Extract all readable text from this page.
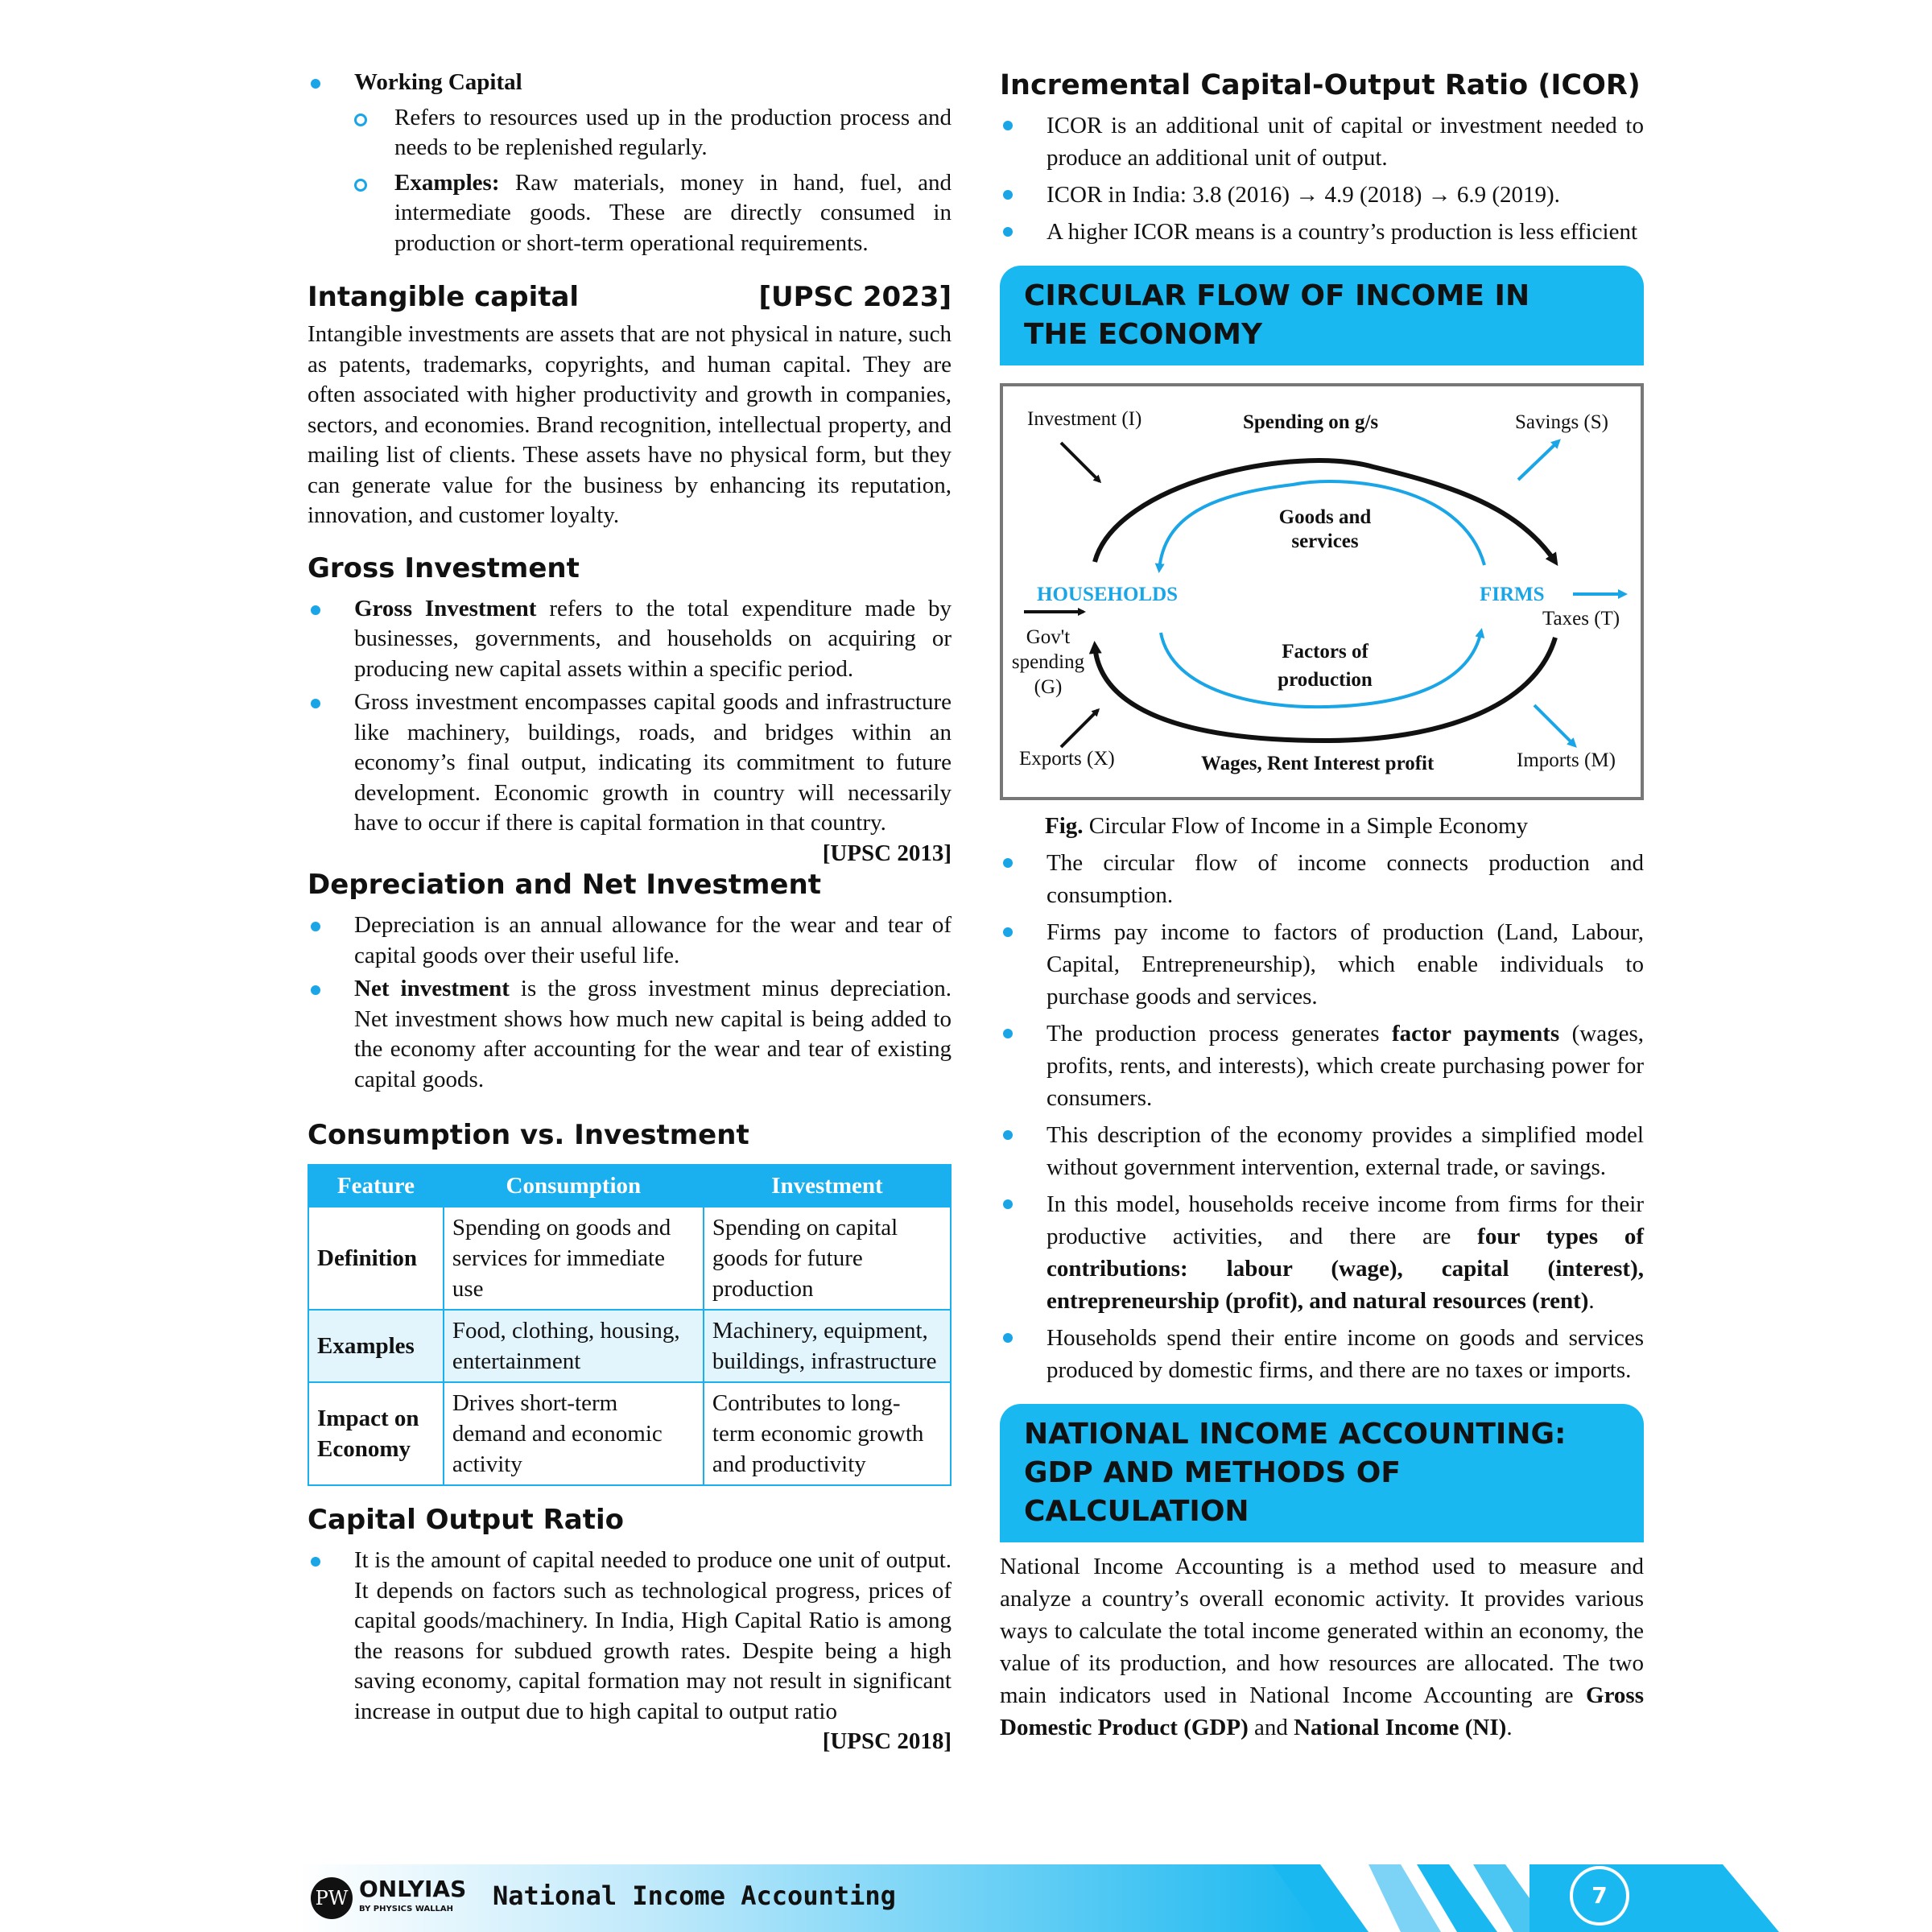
Working Capital

Refers to resources used up in the production process and needs to be replenished regularly.

Examples: Raw materials, money in hand, fuel, and intermediate goods. These are directly consumed in production or short-term operational requirements.

Intangible capital	[UPSC 2023]

Intangible investments are assets that are not physical in nature, such as patents, trademarks, copyrights, and human capital. They are often associated with higher productivity and growth in companies, sectors, and economies. Brand recognition, intellectual property, and mailing list of clients. These assets have no physical form, but they can generate value for the business by enhancing its reputation, innovation, and customer loyalty.

Gross Investment

Gross Investment refers to the total expenditure made by businesses, governments, and households on acquiring or producing new capital assets within a specific period.

Gross investment encompasses capital goods and infrastructure like machinery, buildings, roads, and bridges within an economy’s final output, indicating its commitment to future development. Economic growth in country will necessarily have to occur if there is capital formation in that country.
[UPSC 2013]

Depreciation and Net Investment

Depreciation is an annual allowance for the wear and tear of capital goods over their useful life.

Net investment is the gross investment minus depreciation. Net investment shows how much new capital is being added to the economy after accounting for the wear and tear of existing capital goods.

Consumption vs. Investment
Feature	Consumption	Investment
Definition	Spending on goods and services for immediate use	Spending on capital goods for future production
Examples	Food, clothing, housing, entertainment	Machinery, equipment, buildings, infrastructure
Impact on Economy	Drives short-term demand and economic activity	Contributes to long-term economic growth and productivity
Capital Output Ratio

It is the amount of capital needed to produce one unit of output. It depends on factors such as technological progress, prices of capital goods/machinery. In India, High Capital Ratio is among the reasons for subdued growth rates. Despite being a high saving economy, capital formation may not result in significant increase in output due to high capital to output ratio
[UPSC 2018]

Incremental Capital-Output Ratio (ICOR)

ICOR is an additional unit of capital or investment needed to produce an additional unit of output.

ICOR in India: 3.8 (2016) → 4.9 (2018) → 6.9 (2019).

A higher ICOR means is a country’s production is less efficient

CIRCULAR FLOW OF INCOME IN
THE ECONOMY
Investment (I)	Spending on g/s	Savings (S)
Goods and
services
HOUSEHOLDS	FIRMS
Taxes (T)
Gov't
spending
(G)
Factors of
production
Exports (X)	Wages, Rent Interest profit	Imports (M)

Fig. Circular Flow of Income in a Simple Economy

The circular flow of income connects production and consumption.

Firms pay income to factors of production (Land, Labour, Capital, Entrepreneurship), which enable individuals to purchase goods and services.

The production process generates factor payments (wages, profits, rents, and interests), which create purchasing power for consumers.

This description of the economy provides a simplified model without government intervention, external trade, or savings.

In this model, households receive income from firms for their productive activities, and there are four types of contributions: labour (wage), capital (interest), entrepreneurship (profit), and natural resources (rent).

Households spend their entire income on goods and services produced by domestic firms, and there are no taxes or imports.

NATIONAL INCOME ACCOUNTING:
GDP AND METHODS OF CALCULATION

National Income Accounting is a method used to measure and analyze a country’s overall economic activity. It provides various ways to calculate the total income generated within an economy, the value of its production, and how resources are allocated. The two main indicators used in National Income Accounting are Gross Domestic Product (GDP) and National Income (NI).

PW ONLYIAS
BY PHYSICS WALLAH National Income Accounting	7
